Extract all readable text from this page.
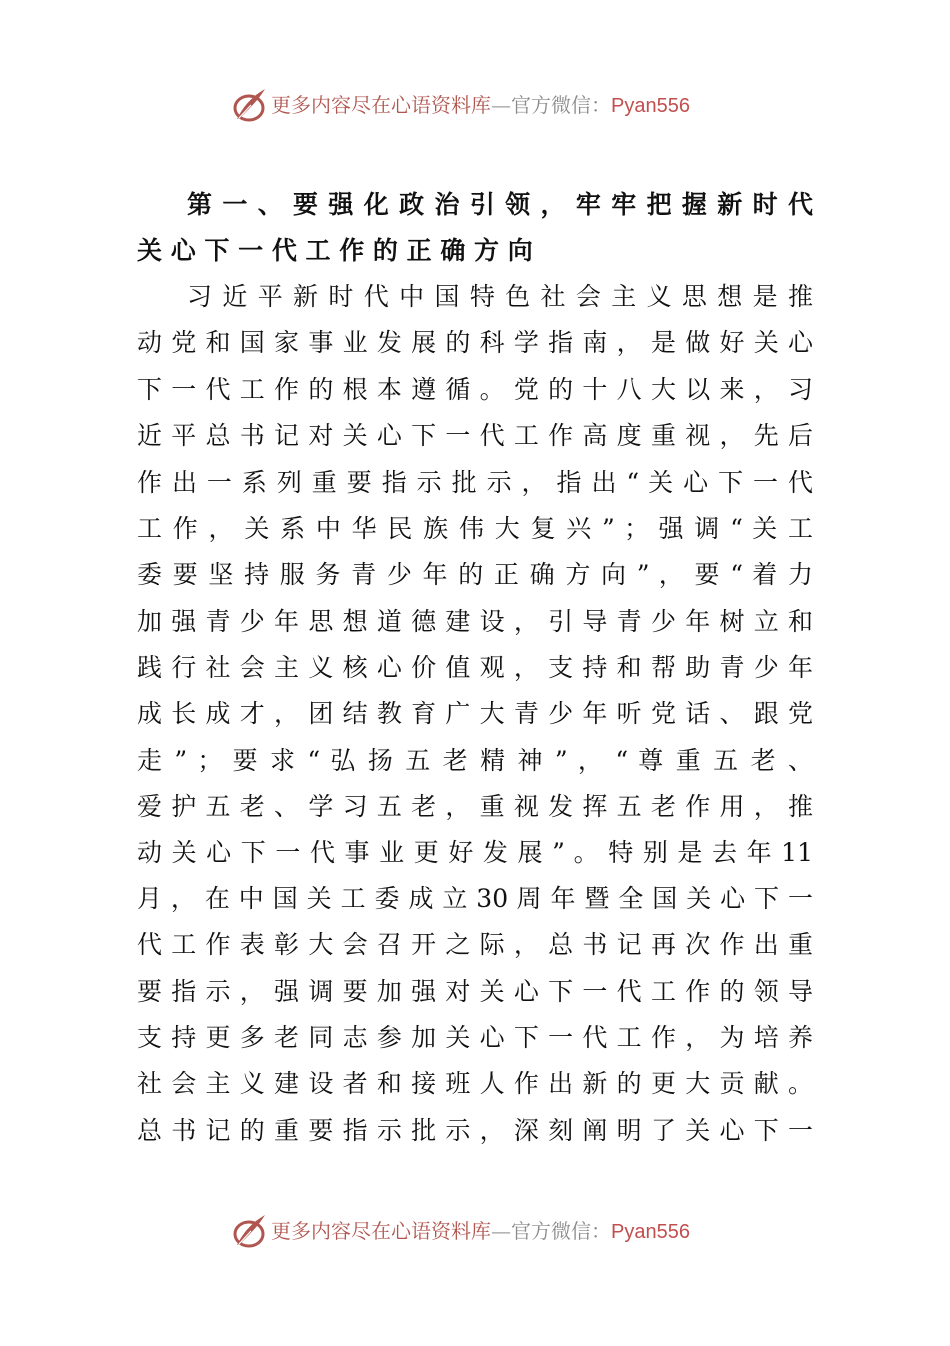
更多内容尽在心语资料库—官方微信：Pyan556
第 一 、 要 强 化 政 治 引 领 ， 牢 牢 把 握 新 时 代
关 心 下 一 代 工 作 的 正 确 方 向
习 近 平 新 时 代 中 国 特 色 社 会 主 义 思 想 是 推
动 党 和 国 家 事 业 发 展 的 科 学 指 南 ， 是 做 好 关 心
下 一 代 工 作 的 根 本 遵 循 。 党 的 十 八 大 以 来 ， 习
近 平 总 书 记 对 关 心 下 一 代 工 作 高 度 重 视 ， 先 后
作 出 一 系 列 重 要 指 示 批 示 ， 指 出 “ 关 心 下 一 代
工 作 ， 关 系 中 华 民 族 伟 大 复 兴 ” ； 强 调 “ 关 工
委 要 坚 持 服 务 青 少 年 的 正 确 方 向 ” ， 要 “ 着 力
加 强 青 少 年 思 想 道 德 建 设 ， 引 导 青 少 年 树 立 和
践 行 社 会 主 义 核 心 价 值 观 ， 支 持 和 帮 助 青 少 年
成 长 成 才 ， 团 结 教 育 广 大 青 少 年 听 党 话 、 跟 党
走 ” ； 要 求 “ 弘 扬 五 老 精 神 ” ， “ 尊 重 五 老 、
爱 护 五 老 、 学 习 五 老 ， 重 视 发 挥 五 老 作 用 ， 推
动 关 心 下 一 代 事 业 更 好 发 展 ” 。 特 别 是 去 年 11
月 ， 在 中 国 关 工 委 成 立 30 周 年 暨 全 国 关 心 下 一
代 工 作 表 彰 大 会 召 开 之 际 ， 总 书 记 再 次 作 出 重
要 指 示 ， 强 调 要 加 强 对 关 心 下 一 代 工 作 的 领 导
支 持 更 多 老 同 志 参 加 关 心 下 一 代 工 作 ， 为 培 养
社 会 主 义 建 设 者 和 接 班 人 作 出 新 的 更 大 贡 献 。
总 书 记 的 重 要 指 示 批 示 ， 深 刻 阐 明 了 关 心 下 一
更多内容尽在心语资料库—官方微信：Pyan556
